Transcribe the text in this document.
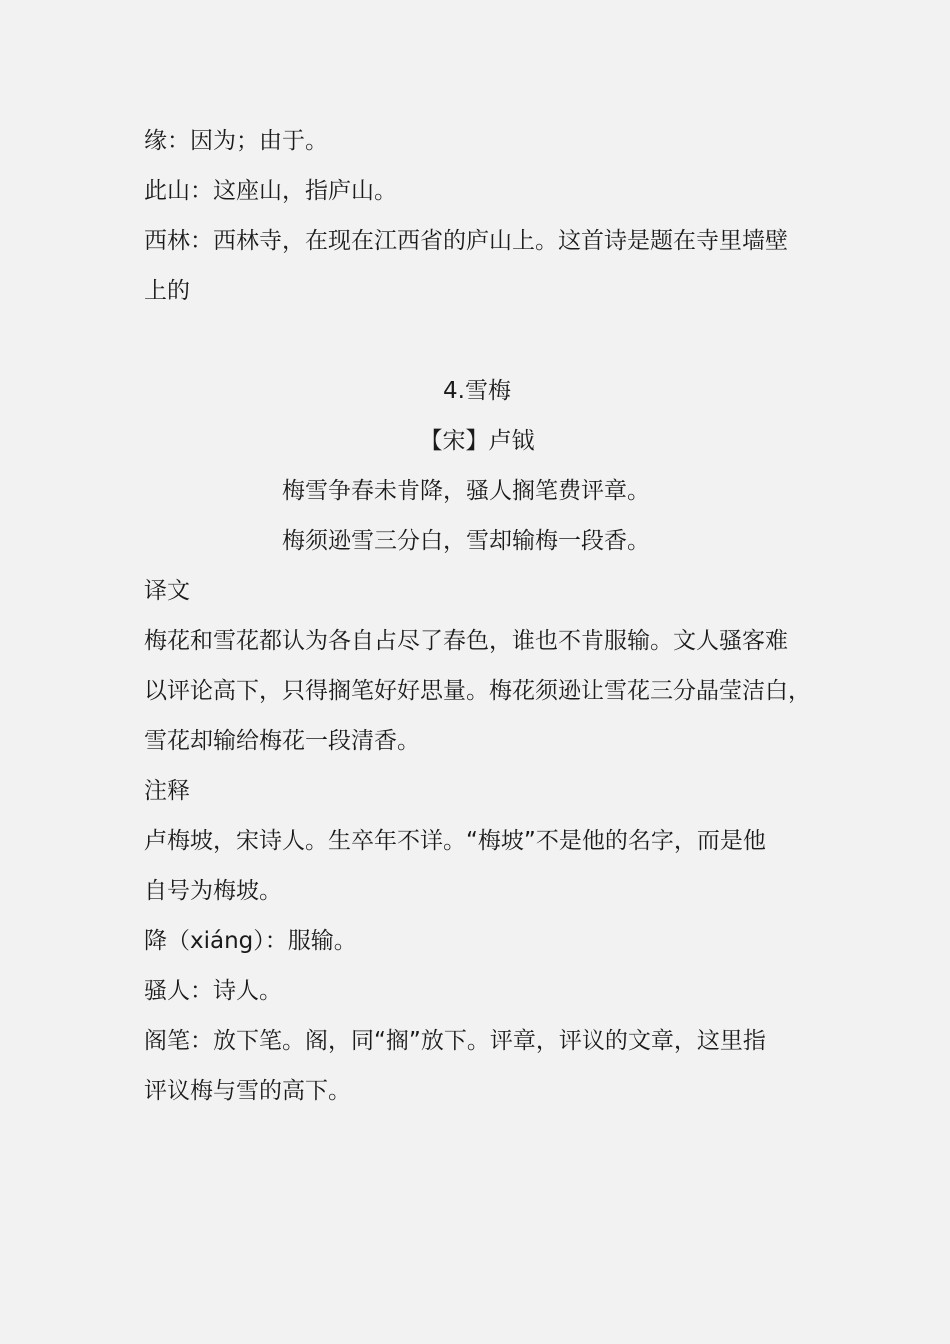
缘：因为；由于。
此山：这座山，指庐山。
西林：西林寺，在现在江西省的庐山上。这首诗是题在寺里墙壁
上的
4.雪梅
【宋】卢钺
梅雪争春未肯降，骚人搁笔费评章。
梅须逊雪三分白，雪却输梅一段香。
译文
梅花和雪花都认为各自占尽了春色，谁也不肯服输。文人骚客难
以评论高下，只得搁笔好好思量。梅花须逊让雪花三分晶莹洁白，
雪花却输给梅花一段清香。
注释
卢梅坡，宋诗人。生卒年不详。“梅坡”不是他的名字，而是他
自号为梅坡。
降（xiáng）：服输。
骚人：诗人。
阁笔：放下笔。阁，同“搁”放下。评章，评议的文章，这里指
评议梅与雪的高下。
